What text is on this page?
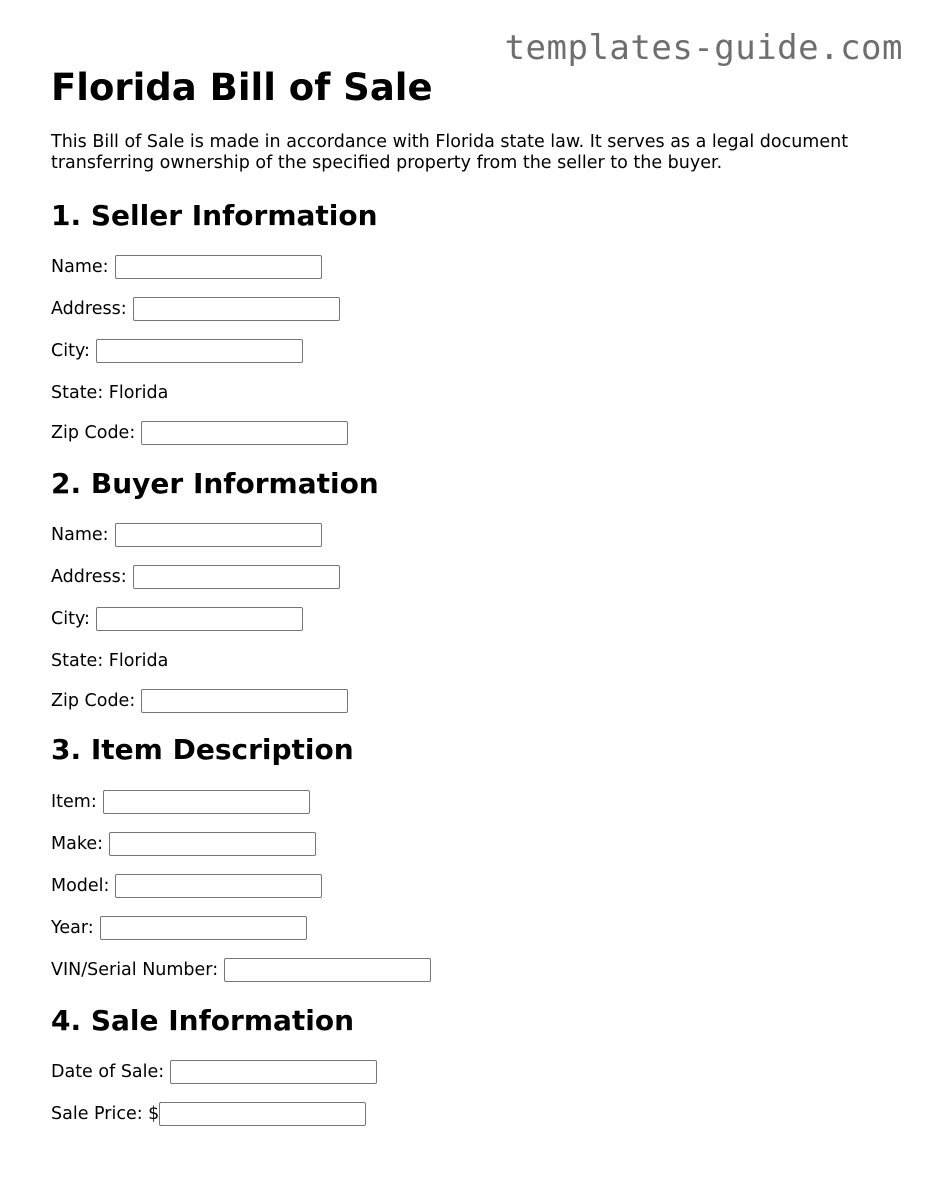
templates-guide.com
Florida Bill of Sale

This Bill of Sale is made in accordance with Florida state law. It serves as a legal document transferring ownership of the specified property from the seller to the buyer.

1. Seller Information
Name:
Address:
City:
State: Florida
Zip Code:
2. Buyer Information
Name:
Address:
City:
State: Florida
Zip Code:
3. Item Description
Item:
Make:
Model:
Year:
VIN/Serial Number:
4. Sale Information
Date of Sale:
Sale Price: $
